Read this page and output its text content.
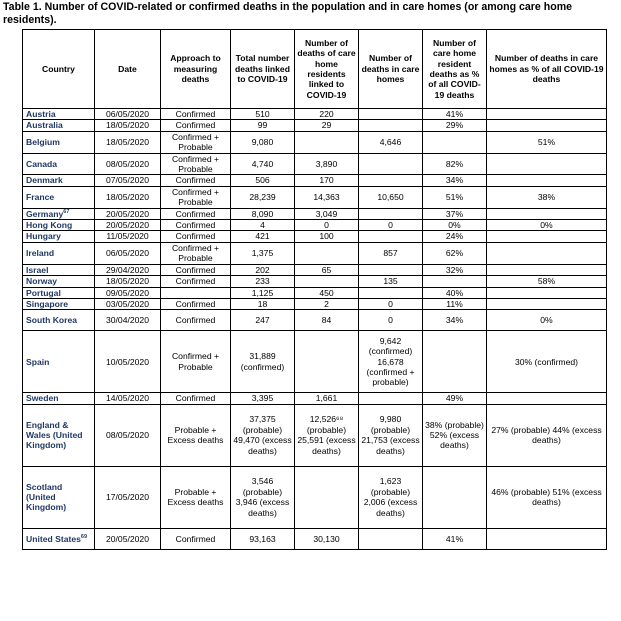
Table 1. Number of COVID-related or confirmed deaths in the population and in care homes (or among care home residents).
Country	Date	Approach to measuring deaths	Total number deaths linked to COVID-19	Number of deaths of care home residents linked to COVID-19	Number of deaths in care homes	Number of care home resident deaths as % of all COVID-19 deaths	Number of deaths in care homes as % of all COVID-19 deaths
Austria	06/05/2020	Confirmed	510	220		41%	
Australia	18/05/2020	Confirmed	99	29		29%	
Belgium	18/05/2020	Confirmed + Probable	9,080		4,646		51%
Canada	08/05/2020	Confirmed + Probable	4,740	3,890		82%	
Denmark	07/05/2020	Confirmed	506	170		34%	
France	18/05/2020	Confirmed + Probable	28,239	14,363	10,650	51%	38%
Germany$^{67}$	20/05/2020	Confirmed	8,090	3,049		37%	
Hong Kong	20/05/2020	Confirmed	4	0	0	0%	0%
Hungary	11/05/2020	Confirmed	421	100		24%	
Ireland	06/05/2020	Confirmed + Probable	1,375		857	62%	
Israel	29/04/2020	Confirmed	202	65		32%	
Norway	18/05/2020	Confirmed	233		135		58%
Portugal	09/05/2020		1,125	450		40%	
Singapore	03/05/2020	Confirmed	18	2	0	11%	
South Korea	30/04/2020	Confirmed	247	84	0	34%	0%
Spain	10/05/2020	Confirmed + Probable	31,889 (confirmed)		9,642 (confirmed) 16,678 (confirmed + probable)		30% (confirmed)
Sweden	14/05/2020	Confirmed	3,395	1,661		49%	
England & Wales (United Kingdom)	08/05/2020	Probable + Excess deaths	37,375 (probable) 49,470 (excess deaths)	12,526⁶⁸ (probable) 25,591 (excess deaths)	9,980 (probable) 21,753 (excess deaths)	38% (probable) 52% (excess deaths)	27% (probable) 44% (excess deaths)
Scotland (United Kingdom)	17/05/2020	Probable + Excess deaths	3,546 (probable) 3,946 (excess deaths)		1,623 (probable) 2,006 (excess deaths)		46% (probable) 51% (excess deaths)
United States$^{69}$	20/05/2020	Confirmed	93,163	30,130		41%	
